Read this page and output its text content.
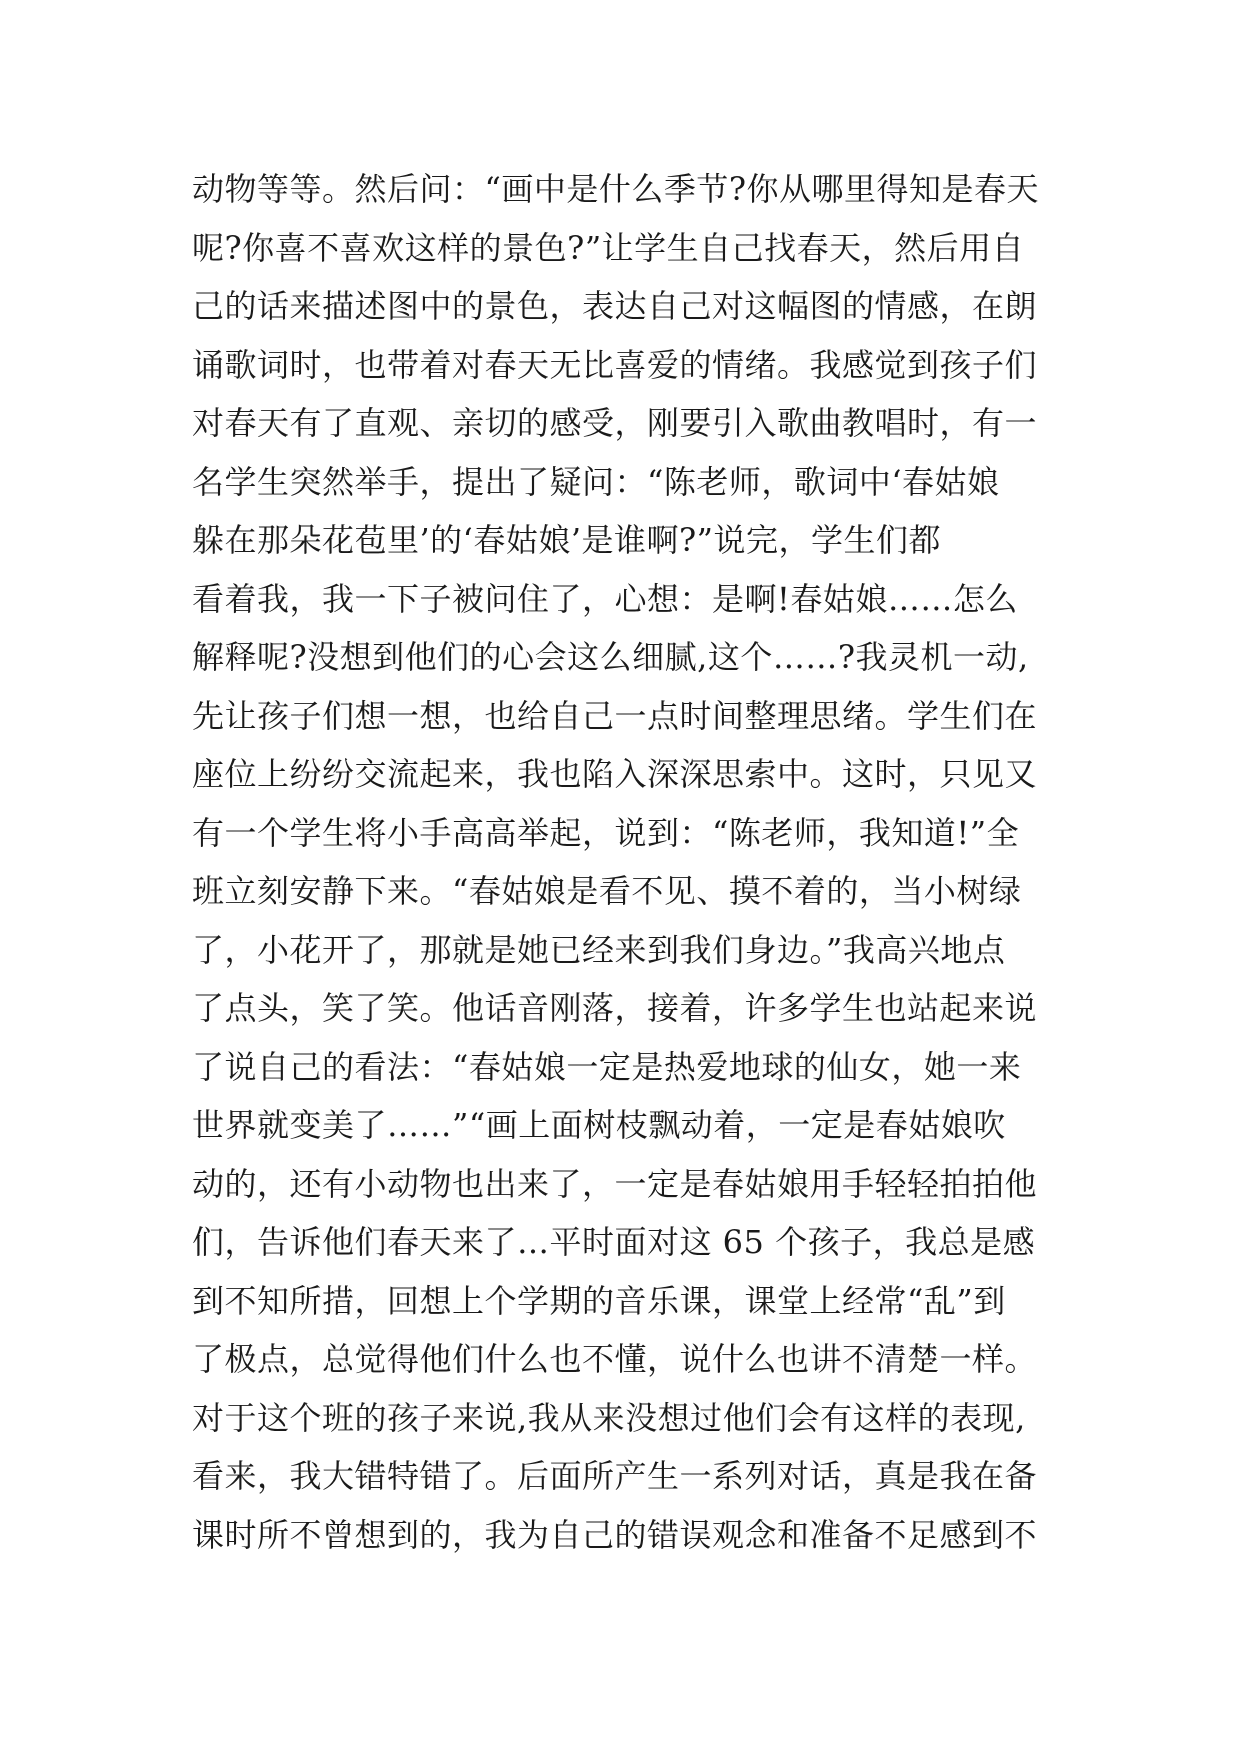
动物等等。然后问：“画中是什么季节?你从哪里得知是春天
呢?你喜不喜欢这样的景色?”让学生自己找春天，然后用自
己的话来描述图中的景色，表达自己对这幅图的情感，在朗
诵歌词时，也带着对春天无比喜爱的情绪。我感觉到孩子们
对春天有了直观、亲切的感受，刚要引入歌曲教唱时，有一
名学生突然举手，提出了疑问：“陈老师，歌词中‘春姑娘
躲在那朵花苞里’的‘春姑娘’是谁啊?”说完，学生们都
看着我，我一下子被问住了，心想：是啊!春姑娘……怎么
解释呢?没想到他们的心会这么细腻,这个……?我灵机一动,
先让孩子们想一想，也给自己一点时间整理思绪。学生们在
座位上纷纷交流起来，我也陷入深深思索中。这时，只见又
有一个学生将小手高高举起，说到：“陈老师，我知道!”全
班立刻安静下来。“春姑娘是看不见、摸不着的，当小树绿
了，小花开了，那就是她已经来到我们身边。”我高兴地点
了点头，笑了笑。他话音刚落，接着，许多学生也站起来说
了说自己的看法：“春姑娘一定是热爱地球的仙女，她一来
世界就变美了……”“画上面树枝飘动着，一定是春姑娘吹
动的，还有小动物也出来了，一定是春姑娘用手轻轻拍拍他
们，告诉他们春天来了…平时面对这 65 个孩子，我总是感
到不知所措，回想上个学期的音乐课，课堂上经常“乱”到
了极点，总觉得他们什么也不懂，说什么也讲不清楚一样。
对于这个班的孩子来说,我从来没想过他们会有这样的表现,
看来，我大错特错了。后面所产生一系列对话，真是我在备
课时所不曾想到的，我为自己的错误观念和准备不足感到不
